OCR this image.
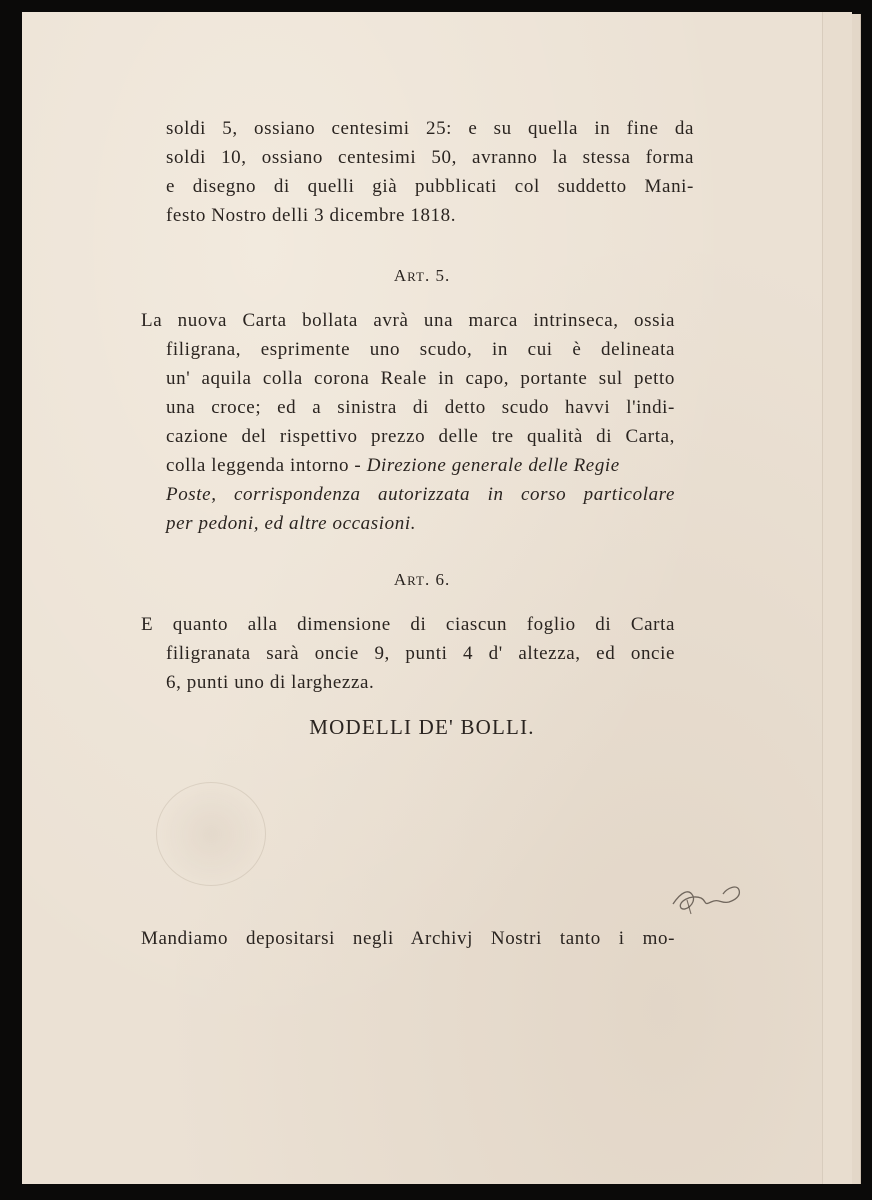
soldi 5, ossiano centesimi 25: e su quella in fine da
soldi 10, ossiano centesimi 50, avranno la stessa forma
e disegno di quelli già pubblicati col suddetto Mani-
festo Nostro delli 3 dicembre 1818.
ART. 5.
La nuova Carta bollata avrà una marca intrinseca, ossia
filigrana, esprimente uno scudo, in cui è delineata
un' aquila colla corona Reale in capo, portante sul petto
una croce; ed a sinistra di detto scudo havvi l'indi-
cazione del rispettivo prezzo delle tre qualità di Carta,
colla leggenda intorno - Direzione generale delle Regie
Poste, corrispondenza autorizzata in corso particolare
per pedoni, ed altre occasioni.
ART. 6.
E quanto alla dimensione di ciascun foglio di Carta
filigranata sarà oncie 9, punti 4 d' altezza, ed oncie
6, punti uno di larghezza.
MODELLI DE' BOLLI.
Mandiamo depositarsi negli Archivj Nostri tanto i mo-
